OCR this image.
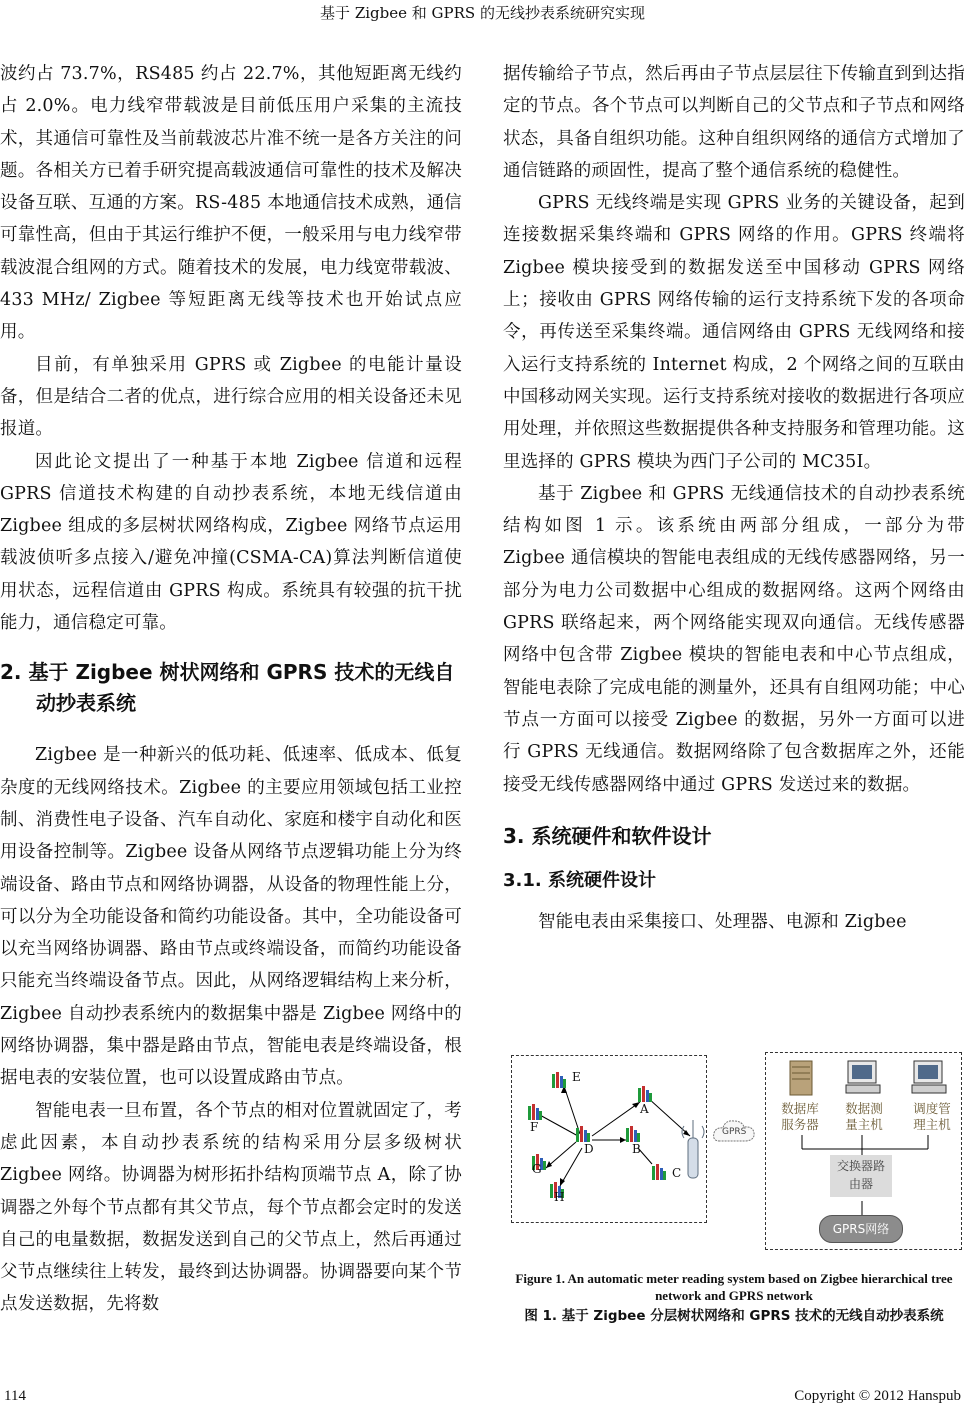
基于 Zigbee 和 GPRS 的无线抄表系统研究实现

波约占 73.7%，RS485 约占 22.7%，其他短距离无线约占 2.0%。电力线窄带载波是目前低压用户采集的主流技术，其通信可靠性及当前载波芯片准不统一是各方关注的问题。各相关方已着手研究提高载波通信可靠性的技术及解决设备互联、互通的方案。RS-485 本地通信技术成熟，通信可靠性高，但由于其运行维护不便，一般采用与电力线窄带载波混合组网的方式。随着技术的发展，电力线宽带载波、433 MHz/ Zigbee 等短距离无线等技术也开始试点应用。

目前，有单独采用 GPRS 或 Zigbee 的电能计量设备，但是结合二者的优点，进行综合应用的相关设备还未见报道。

因此论文提出了一种基于本地 Zigbee 信道和远程 GPRS 信道技术构建的自动抄表系统，本地无线信道由 Zigbee 组成的多层树状网络构成，Zigbee 网络节点运用载波侦听多点接入/避免冲撞(CSMA-CA)算法判断信道使用状态，远程信道由 GPRS 构成。系统具有较强的抗干扰能力，通信稳定可靠。

2. 基于 Zigbee 树状网络和 GPRS 技术的无线自动抄表系统

Zigbee 是一种新兴的低功耗、低速率、低成本、低复杂度的无线网络技术。Zigbee 的主要应用领域包括工业控制、消费性电子设备、汽车自动化、家庭和楼宇自动化和医用设备控制等。Zigbee 设备从网络节点逻辑功能上分为终端设备、路由节点和网络协调器，从设备的物理性能上分，可以分为全功能设备和简约功能设备。其中，全功能设备可以充当网络协调器、路由节点或终端设备，而简约功能设备只能充当终端设备节点。因此，从网络逻辑结构上来分析，Zigbee 自动抄表系统内的数据集中器是 Zigbee 网络中的网络协调器，集中器是路由节点，智能电表是终端设备，根据电表的安装位置，也可以设置成路由节点。

智能电表一旦布置，各个节点的相对位置就固定了，考虑此因素，本自动抄表系统的结构采用分层多级树状 Zigbee 网络。协调器为树形拓扑结构顶端节点 A，除了协调器之外每个节点都有其父节点，每个节点都会定时的发送自己的电量数据，数据发送到自己的父节点上，然后再通过父节点继续往上转发，最终到达协调器。协调器要向某个节点发送数据，先将数

据传输给子节点，然后再由子节点层层往下传输直到到达指定的节点。各个节点可以判断自己的父节点和子节点和网络状态，具备自组织功能。这种自组织网络的通信方式增加了通信链路的顽固性，提高了整个通信系统的稳健性。

GPRS 无线终端是实现 GPRS 业务的关键设备，起到连接数据采集终端和 GPRS 网络的作用。GPRS 终端将 Zigbee 模块接受到的数据发送至中国移动 GPRS 网络上；接收由 GPRS 网络传输的运行支持系统下发的各项命令，再传送至采集终端。通信网络由 GPRS 无线网络和接入运行支持系统的 Internet 构成，2 个网络之间的互联由中国移动网关实现。运行支持系统对接收的数据进行各项应用处理，并依照这些数据提供各种支持服务和管理功能。这里选择的 GPRS 模块为西门子公司的 MC35I。

基于 Zigbee 和 GPRS 无线通信技术的自动抄表系统结构如图 1 示。该系统由两部分组成，一部分为带 Zigbee 通信模块的智能电表组成的无线传感器网络，另一部分为电力公司数据中心组成的数据网络。这两个网络由 GPRS 联络起来，两个网络能实现双向通信。无线传感器网络中包含带 Zigbee 模块的智能电表和中心节点组成，智能电表除了完成电能的测量外，还具有自组网功能；中心节点一方面可以接受 Zigbee 的数据，另外一方面可以进行 GPRS 无线通信。数据网络除了包含数据库之外，还能接受无线传感器网络中通过 GPRS 发送过来的数据。

3. 系统硬件和软件设计
3.1. 系统硬件设计

智能电表由采集接口、处理器、电源和 Zigbee

E
F
D
A
B
C
G
H
GPRS
数据库
服务器
数据测
量主机
调度管
理主机
交换器路
由器
GPRS网络
Figure 1. An automatic meter reading system based on Zigbee hierarchical tree network and GPRS network
图 1. 基于 Zigbee 分层树状网络和 GPRS 技术的无线自动抄表系统
114	Copyright © 2012 Hanspub
